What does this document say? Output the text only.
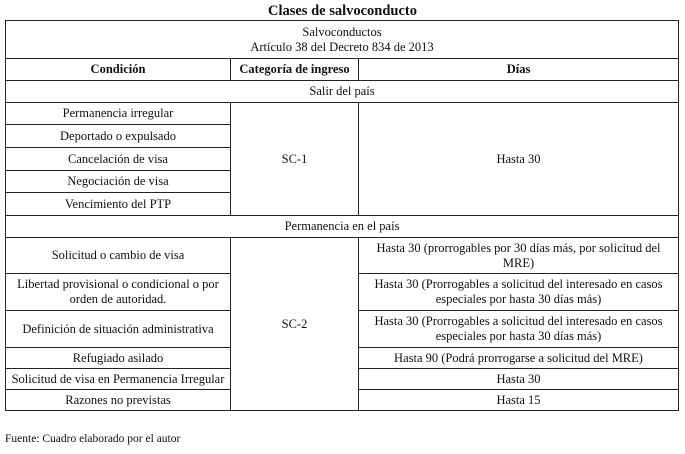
Clases de salvoconducto
Salvoconductos
Artículo 38 del Decreto 834 de 2013		

Condición	Categoría de ingreso	Días
Salir del país		
Permanencia irregular	SC-1	Hasta 30
Deportado o expulsado		
Cancelación de visa		
Negociación de visa		
Vencimiento del PTP		
Permanencia en el país		
Solicitud o cambio de visa	SC-2	Hasta 30 (prorrogables por 30 días más, por solicitud del MRE)
Libertad provisional o condicional o por orden de autoridad.		Hasta 30 (Prorrogables a solicitud del interesado en casos especiales por hasta 30 días más)
Definición de situación administrativa		Hasta 30 (Prorrogables a solicitud del interesado en casos especiales por hasta 30 días más)
Refugiado asilado		Hasta 90 (Podrá prorrogarse a solicitud del MRE)
Solicitud de visa en Permanencia Irregular		Hasta 30
Razones no previstas		Hasta 15
Fuente: Cuadro elaborado por el autor
